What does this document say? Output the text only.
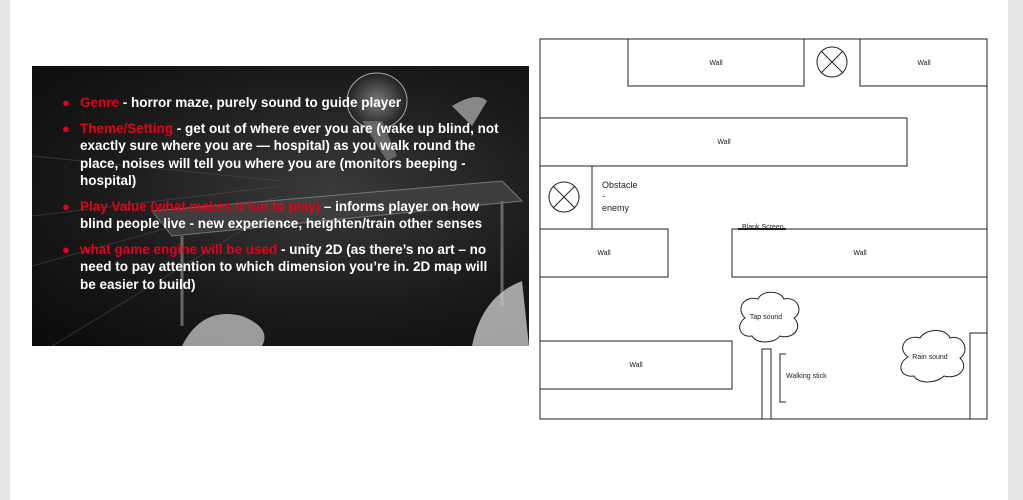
● Genre - horror maze, purely sound to guide player
● Theme/Setting - get out of where ever you are (wake up blind, not exactly sure where you are — hospital) as you walk round the place, noises will tell you where you are (monitors beeping - hospital)
● Play Value (what makes it fun to play) – informs player on how blind people live - new experience, heighten/train other senses
● what game engine will be used - unity 2D (as there’s no art – no need to pay attention to which dimension you’re in. 2D map will be easier to build)
Wall	Wall
Wall
Wall	Wall
Wall
Blank Screen
Tap sound
Rain sound
Walking stick
Obstacle
-
enemy
